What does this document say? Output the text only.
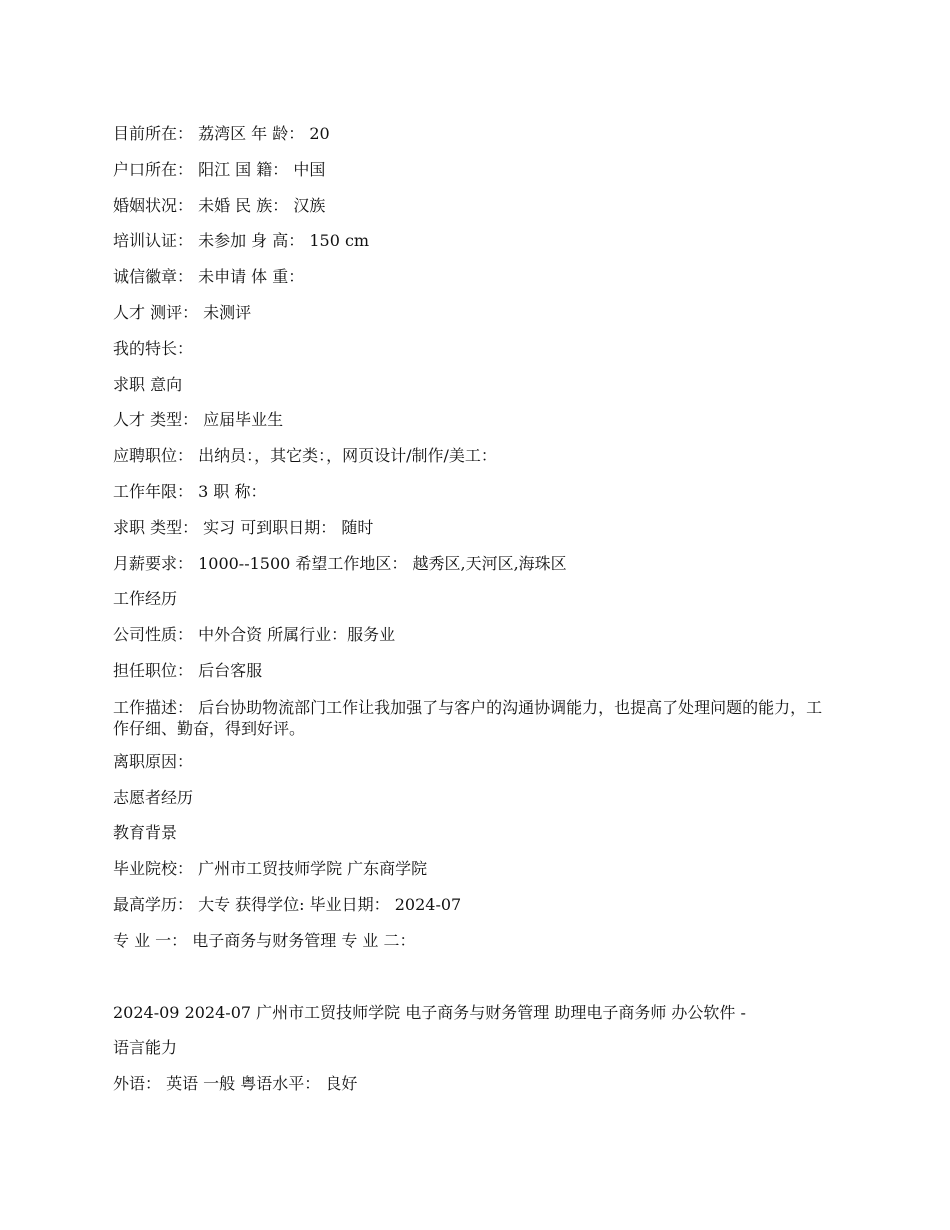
目前所在： 荔湾区 年 龄： 20
户口所在： 阳江 国 籍： 中国
婚姻状况： 未婚 民 族： 汉族
培训认证： 未参加 身 高： 150 cm
诚信徽章： 未申请 体 重：
人才 测评： 未测评
我的特长：
求职 意向
人才 类型： 应届毕业生
应聘职位： 出纳员：，其它类：，网页设计/制作/美工：
工作年限： 3 职 称：
求职 类型： 实习 可到职日期： 随时
月薪要求： 1000--1500 希望工作地区： 越秀区,天河区,海珠区
工作经历
公司性质： 中外合资 所属行业：服务业
担任职位： 后台客服
工作描述： 后台协助物流部门工作让我加强了与客户的沟通协调能力，也提高了处理问题的能力，工作仔细、勤奋，得到好评。
离职原因：
志愿者经历
教育背景
毕业院校： 广州市工贸技师学院 广东商学院
最高学历： 大专 获得学位: 毕业日期： 2024-07
专 业 一： 电子商务与财务管理 专 业 二：
2024-09 2024-07 广州市工贸技师学院 电子商务与财务管理 助理电子商务师 办公软件 -
语言能力
外语： 英语 一般 粤语水平： 良好
